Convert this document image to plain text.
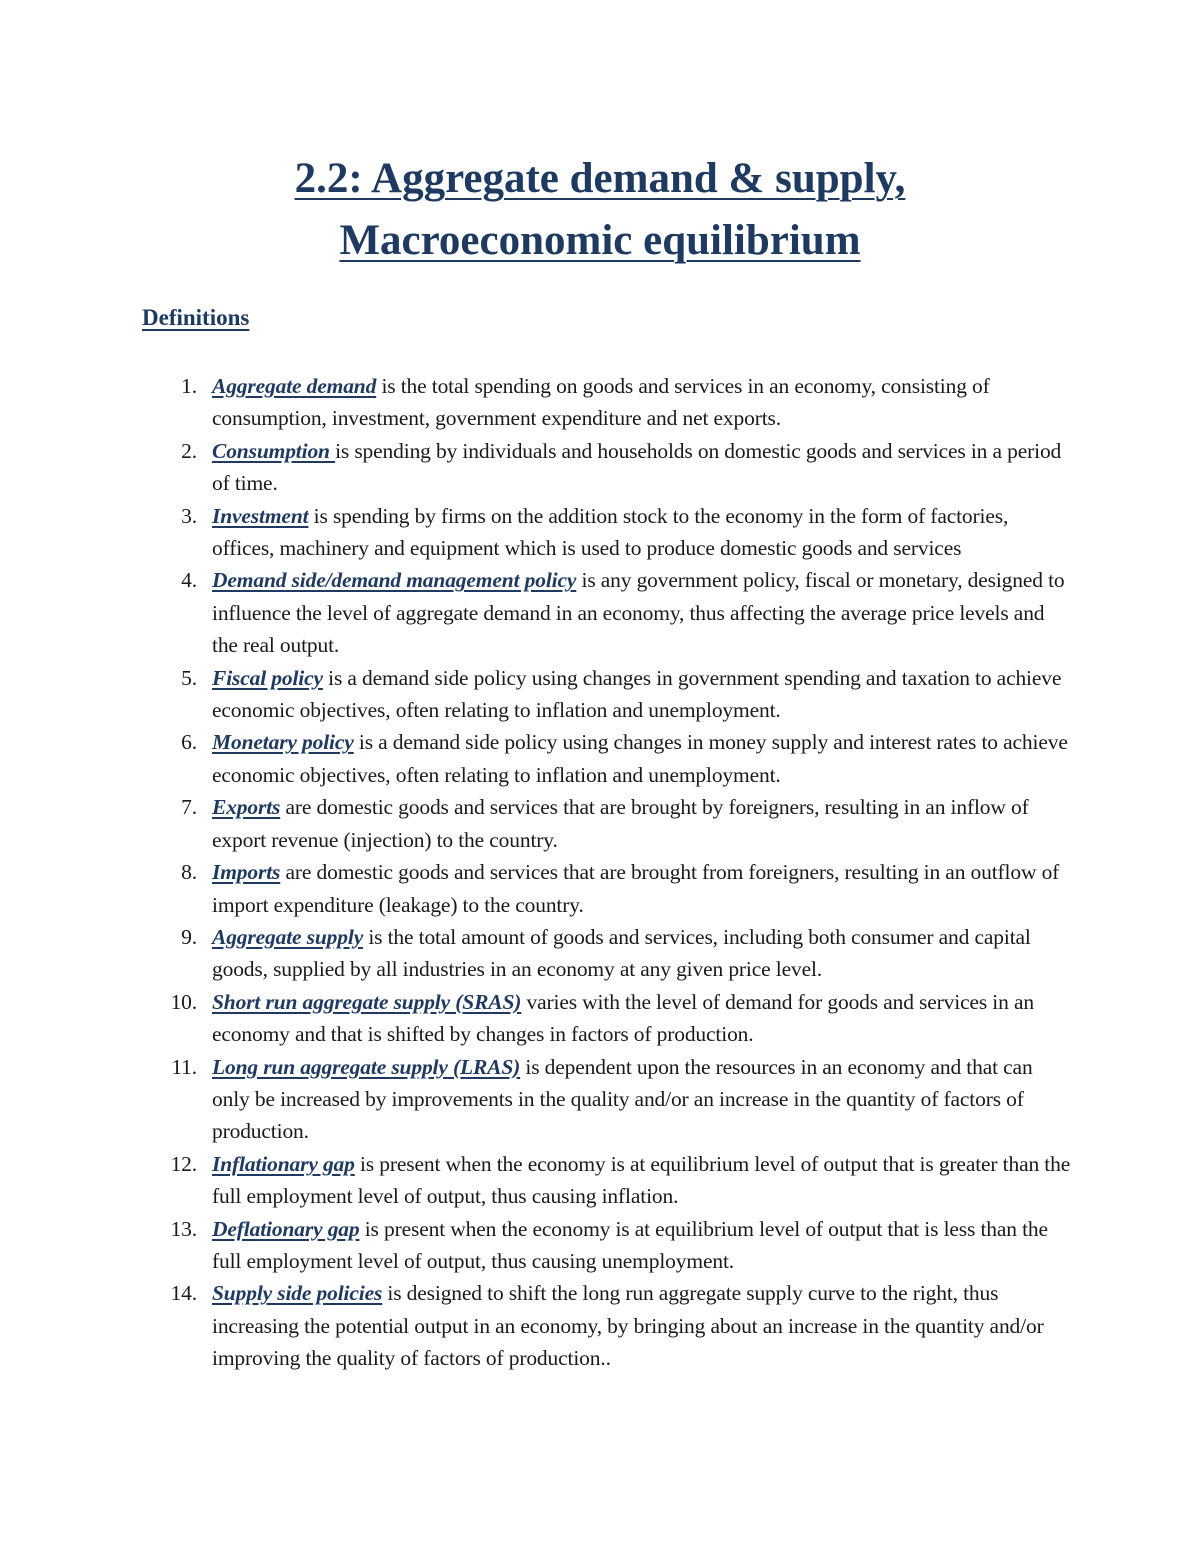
2.2: Aggregate demand & supply,
Macroeconomic equilibrium
Definitions
1. Aggregate demand is the total spending on goods and services in an economy, consisting of consumption, investment, government expenditure and net exports.
2. Consumption is spending by individuals and households on domestic goods and services in a period of time.
3. Investment is spending by firms on the addition stock to the economy in the form of factories, offices, machinery and equipment which is used to produce domestic goods and services
4. Demand side/demand management policy is any government policy, fiscal or monetary, designed to influence the level of aggregate demand in an economy, thus affecting the average price levels and the real output.
5. Fiscal policy is a demand side policy using changes in government spending and taxation to achieve economic objectives, often relating to inflation and unemployment.
6. Monetary policy is a demand side policy using changes in money supply and interest rates to achieve economic objectives, often relating to inflation and unemployment.
7. Exports are domestic goods and services that are brought by foreigners, resulting in an inflow of export revenue (injection) to the country.
8. Imports are domestic goods and services that are brought from foreigners, resulting in an outflow of import expenditure (leakage) to the country.
9. Aggregate supply is the total amount of goods and services, including both consumer and capital goods, supplied by all industries in an economy at any given price level.
10. Short run aggregate supply (SRAS) varies with the level of demand for goods and services in an economy and that is shifted by changes in factors of production.
11. Long run aggregate supply (LRAS) is dependent upon the resources in an economy and that can only be increased by improvements in the quality and/or an increase in the quantity of factors of production.
12. Inflationary gap is present when the economy is at equilibrium level of output that is greater than the full employment level of output, thus causing inflation.
13. Deflationary gap is present when the economy is at equilibrium level of output that is less than the full employment level of output, thus causing unemployment.
14. Supply side policies is designed to shift the long run aggregate supply curve to the right, thus increasing the potential output in an economy, by bringing about an increase in the quantity and/or improving the quality of factors of production..
